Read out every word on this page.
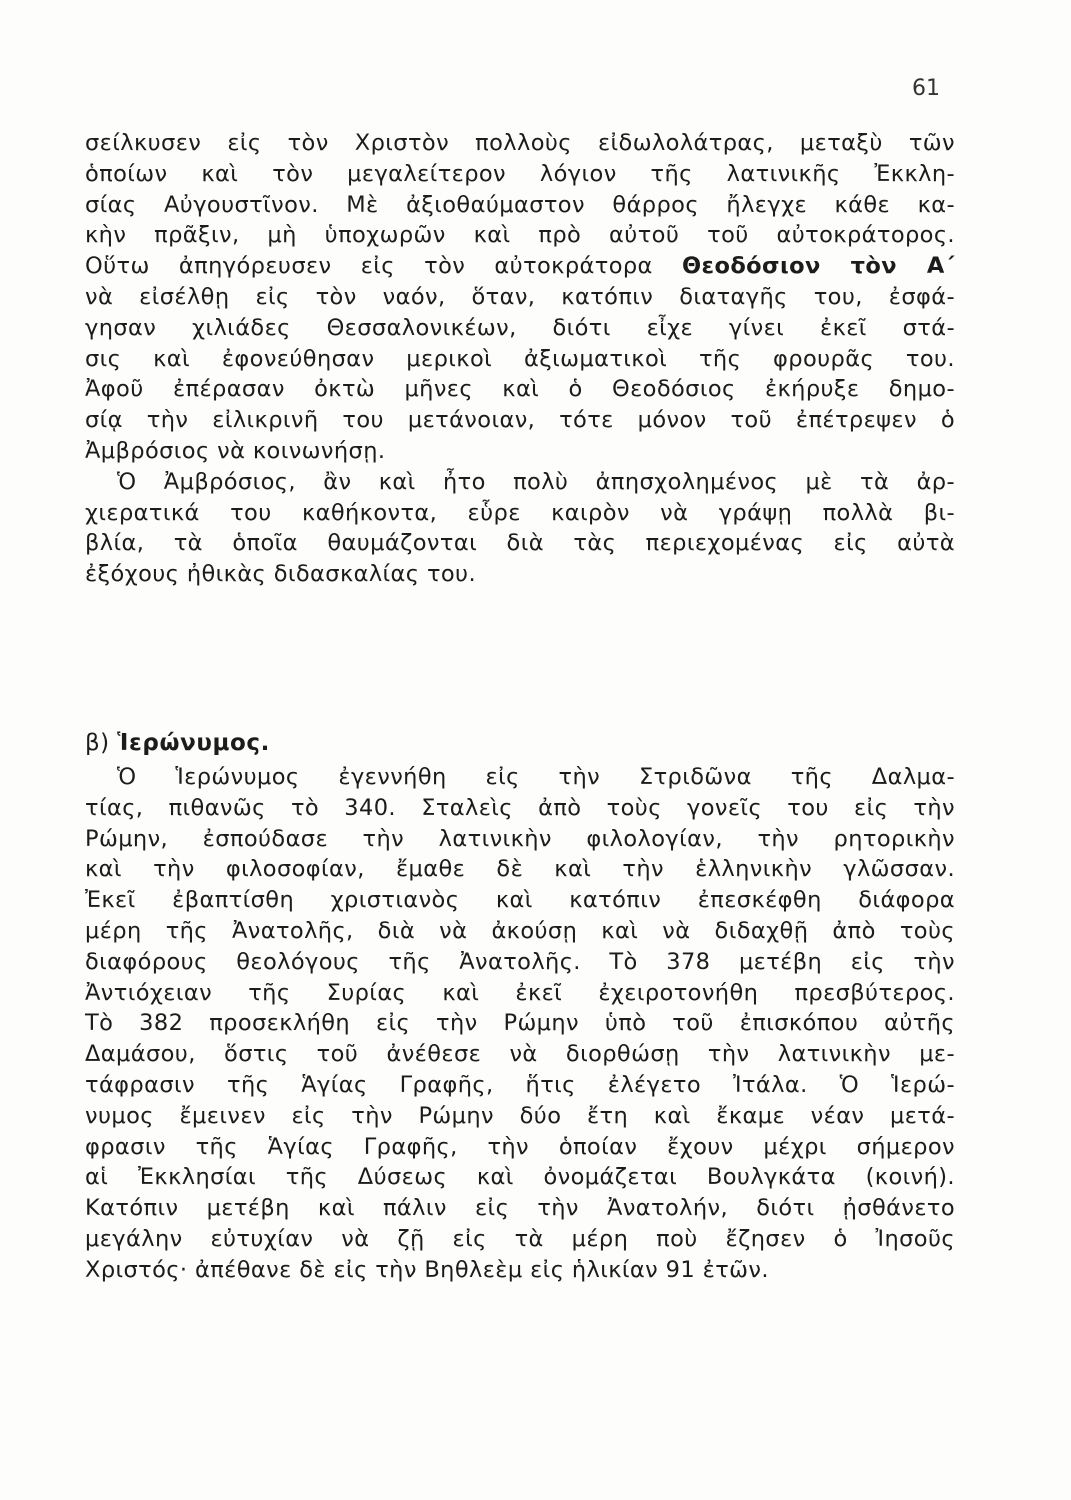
61
σείλκυσεν εἰς τὸν Χριστὸν πολλοὺς εἰδωλολάτρας, μεταξὺ τῶν
ὁποίων καὶ τὸν μεγαλείτερον λόγιον τῆς λατινικῆς Ἐκκλη-
σίας Αὐγουστῖνον. Μὲ ἀξιοθαύμαστον θάρρος ἤλεγχε κάθε κα-
κὴν πρᾶξιν, μὴ ὑποχωρῶν καὶ πρὸ αὐτοῦ τοῦ αὐτοκράτορος.
Οὕτω ἀπηγόρευσεν εἰς τὸν αὐτοκράτορα Θεοδόσιον τὸν Α΄
νὰ εἰσέλθῃ εἰς τὸν ναόν, ὅταν, κατόπιν διαταγῆς του, ἐσφά-
γησαν χιλιάδες Θεσσαλονικέων, διότι εἶχε γίνει ἐκεῖ στά-
σις καὶ ἐφονεύθησαν μερικοὶ ἀξιωματικοὶ τῆς φρουρᾶς του.
Ἀφοῦ ἐπέρασαν ὀκτὼ μῆνες καὶ ὁ Θεοδόσιος ἐκήρυξε δημο-
σίᾳ τὴν εἰλικρινῆ του μετάνοιαν, τότε μόνον τοῦ ἐπέτρεψεν ὁ
Ἀμβρόσιος νὰ κοινωνήσῃ.
Ὁ Ἀμβρόσιος, ἂν καὶ ἦτο πολὺ ἀπησχολημένος μὲ τὰ ἀρ-
χιερατικά του καθήκοντα, εὗρε καιρὸν νὰ γράψῃ πολλὰ βι-
βλία, τὰ ὁποῖα θαυμάζονται διὰ τὰς περιεχομένας εἰς αὐτὰ
ἐξόχους ἠθικὰς διδασκαλίας του.
β) Ἱερώνυμος.
Ὁ Ἱερώνυμος ἐγεννήθη εἰς τὴν Στριδῶνα τῆς Δαλμα-
τίας, πιθανῶς τὸ 340. Σταλεὶς ἀπὸ τοὺς γονεῖς του εἰς τὴν
Ρώμην, ἐσπούδασε τὴν λατινικὴν φιλολογίαν, τὴν ρητορικὴν
καὶ τὴν φιλοσοφίαν, ἔμαθε δὲ καὶ τὴν ἑλληνικὴν γλῶσσαν.
Ἐκεῖ ἐβαπτίσθη χριστιανὸς καὶ κατόπιν ἐπεσκέφθη διάφορα
μέρη τῆς Ἀνατολῆς, διὰ νὰ ἀκούσῃ καὶ νὰ διδαχθῇ ἀπὸ τοὺς
διαφόρους θεολόγους τῆς Ἀνατολῆς. Τὸ 378 μετέβη εἰς τὴν
Ἀντιόχειαν τῆς Συρίας καὶ ἐκεῖ ἐχειροτονήθη πρεσβύτερος.
Τὸ 382 προσεκλήθη εἰς τὴν Ρώμην ὑπὸ τοῦ ἐπισκόπου αὐτῆς
Δαμάσου, ὅστις τοῦ ἀνέθεσε νὰ διορθώσῃ τὴν λατινικὴν με-
τάφρασιν τῆς Ἁγίας Γραφῆς, ἥτις ἐλέγετο Ἰτάλα. Ὁ Ἱερώ-
νυμος ἔμεινεν εἰς τὴν Ρώμην δύο ἔτη καὶ ἔκαμε νέαν μετά-
φρασιν τῆς Ἁγίας Γραφῆς, τὴν ὁποίαν ἔχουν μέχρι σήμερον
αἱ Ἐκκλησίαι τῆς Δύσεως καὶ ὀνομάζεται Βουλγκάτα (κοινή).
Κατόπιν μετέβη καὶ πάλιν εἰς τὴν Ἀνατολήν, διότι ᾐσθάνετο
μεγάλην εὐτυχίαν νὰ ζῇ εἰς τὰ μέρη ποὺ ἔζησεν ὁ Ἰησοῦς
Χριστός· ἀπέθανε δὲ εἰς τὴν Βηθλεὲμ εἰς ἡλικίαν 91 ἐτῶν.
